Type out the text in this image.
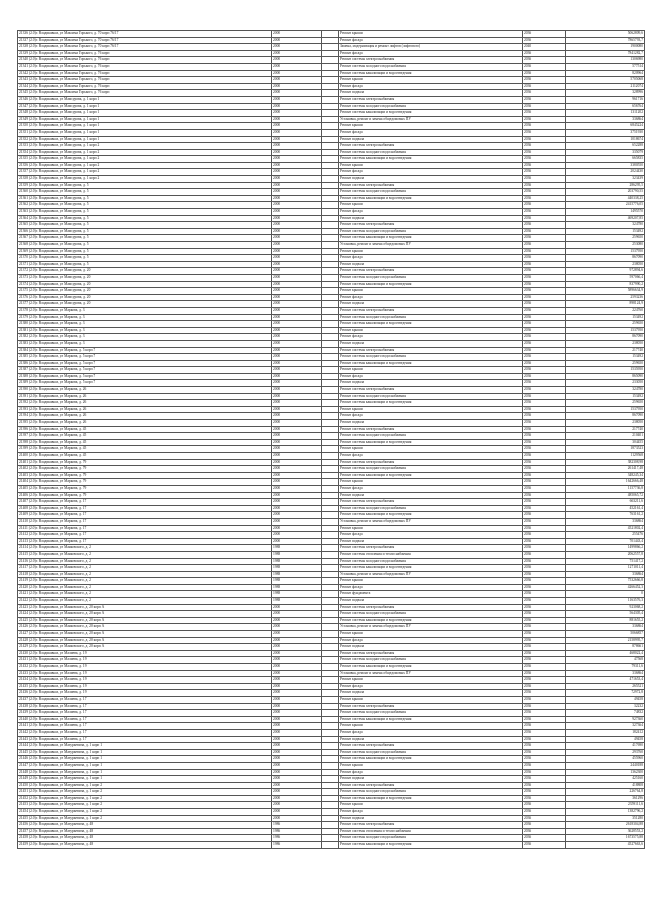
21336 (2.0) г. Владикавказ, ул Максима Горького, д. 70 корп 76/17	2000		Ремонт крыши	2036	5062809,6
21337 (2.0) г. Владикавказ, ул Максима Горького, д. 70 корп 76/17	2000		Ремонт фасада	2036	7865793,7
21338 (2.0) г. Владикавказ, ул Максима Горького, д. 70 корп 76/17	2000		Замена, модернизация и ремонт лифтов (лифтового)	2040	1900080
21339 (2.0) г. Владикавказ, ул Максима Горького, д. 76 корп	2000		Ремонт фасада	2036	7841282,7
21340 (2.0) г. Владикавказ, ул Максима Горького, д. 76 корп	2000		Ремонт системы электроснабжения	2036	1306980
21341 (2.0) г. Владикавказ, ул Максима Горького, д. 76 корп	2000		Ремонт системы холодного водоснабжения	2036	577514
21342 (2.0) г. Владикавказ, ул Максима Горького, д. 76 корп	2000		Ремонт системы канализации и водоотведения	2036	820964
21343 (2.0) г. Владикавказ, ул Максима Горького, д. 76 корп	2000		Ремонт крыши	2036	5705068
21344 (2.0) г. Владикавказ, ул Максима Горького, д. 76 корп	2000		Ремонт фасада	2036	2112074
21345 (2.0) г. Владикавказ, ул Максима Горького, д. 76 корп	2000		Ремонт подвала	2036	328996
21346 (2.0) г. Владикавказ, ул Мамсурова, д. 1 корп 1	2000		Ремонт системы электроснабжения	2036	961716
21347 (2.0) г. Владикавказ, ул Мамсурова, д. 1 корп 1	2000		Ремонт системы холодного водоснабжения	2036	656764
21348 (2.0) г. Владикавказ, ул Мамсурова, д. 1 корп 1	2000		Ремонт системы канализации и водоотведения	2036	1311202
21349 (2.0) г. Владикавказ, ул Мамсурова, д. 1 корп 1	2000		Установка, ремонт и замена общедомовых ПУ	2036	336864
21350 (2.0) г. Владикавказ, ул Мамсурова, д. 1 корп 1	2000		Ремонт крыши	2036	6845224
21351 (2.0) г. Владикавказ, ул Мамсурова, д. 1 корп 1	2000		Ремонт фасада	2036	3751930
21352 (2.0) г. Владикавказ, ул Мамсурова, д. 1 корп 1	2000		Ремонт подвала	2036	1018674
21353 (2.0) г. Владикавказ, ул Мамсурова, д. 1 корп 2	2000		Ремонт системы электроснабжения	2036	652288
21354 (2.0) г. Владикавказ, ул Мамсурова, д. 1 корп 2	2000		Ремонт системы холодного водоснабжения	2036	335079
21355 (2.0) г. Владикавказ, ул Мамсурова, д. 1 корп 2	2000		Ремонт системы канализации и водоотведения	2036	665835
21356 (2.0) г. Владикавказ, ул Мамсурова, д. 1 корп 2	2000		Ремонт крыши	2036	3380550
21357 (2.0) г. Владикавказ, ул Мамсурова, д. 1 корп 2	2000		Ремонт фасада	2036	2024430
21358 (2.0) г. Владикавказ, ул Мамсурова, д. 1 корп 2	2000		Ремонт подвала	2036	323439
21359 (2.0) г. Владикавказ, ул Мамсурова, д. 5	2000		Ремонт системы электроснабжения	2036	286295,5
21360 (2.0) г. Владикавказ, ул Мамсурова, д. 5	2000		Ремонт системы холодного водоснабжения	2036	203790,55
21361 (2.0) г. Владикавказ, ул Мамсурова, д. 5	2000		Ремонт системы канализации и водоотведения	2036	440338,25
21362 (2.0) г. Владикавказ, ул Мамсурова, д. 5	2000		Ремонт крыши	2036	2415776,05
21363 (2.0) г. Владикавказ, ул Мамсурова, д. 5	2000		Ремонт фасада	2036	1495570
21364 (2.0) г. Владикавказ, ул Мамсурова, д. 5	2000		Ремонт подвала	2036	469207,85
21365 (2.0) г. Владикавказ, ул Мамсурова, д. 5	2000		Ремонт системы электроснабжения	2036	324780
21366 (2.0) г. Владикавказ, ул Мамсурова, д. 5	2000		Ремонт системы холодного водоснабжения	2036	153492
21367 (2.0) г. Владикавказ, ул Мамсурова, д. 5	2000		Ремонт системы канализации и водоотведения	2036	259650
21368 (2.0) г. Владикавказ, ул Мамсурова, д. 5	2000		Установка, ремонт и замена общедомовых ПУ	2036	253080
21369 (2.0) г. Владикавказ, ул Мамсурова, д. 5	2000		Ремонт крыши	2036	1537950
21370 (2.0) г. Владикавказ, ул Мамсурова, д. 5	2000		Ремонт фасада	2036	867090
21371 (2.0) г. Владикавказ, ул Мамсурова, д. 5	2000		Ремонт подвала	2036	238050
21372 (2.0) г. Владикавказ, ул Мамсурова, д. 20	2000		Ремонт системы электроснабжения	2036	972894,6
21373 (2.0) г. Владикавказ, ул Мамсурова, д. 20	2000		Ремонт системы холодного водоснабжения	2036	597066,4
21374 (2.0) г. Владикавказ, ул Мамсурова, д. 20	2000		Ремонт системы канализации и водоотведения	2036	837990,2
21375 (2.0) г. Владикавказ, ул Мамсурова, д. 20	2000		Ремонт крыши	2036	5896634,9
21376 (2.0) г. Владикавказ, ул Мамсурова, д. 20	2000		Ремонт фасада	2036	2593236
21377 (2.0) г. Владикавказ, ул Мамсурова, д. 20	2000		Ремонт подвала	2036	898124,9
21378 (2.0) г. Владикавказ, ул Маркова, д. 3	2000		Ремонт системы электроснабжения	2036	224760
21379 (2.0) г. Владикавказ, ул Маркова, д. 3	2000		Ремонт системы холодного водоснабжения	2036	153492
21380 (2.0) г. Владикавказ, ул Маркова, д. 3	2000		Ремонт системы канализации и водоотведения	2036	259650
21381 (2.0) г. Владикавказ, ул Маркова, д. 3	2000		Ремонт крыши	2036	1537950
21382 (2.0) г. Владикавказ, ул Маркова, д. 3	2000		Ремонт фасада	2036	867090
21383 (2.0) г. Владикавказ, ул Маркова, д. 3	2000		Ремонт подвала	2036	238050
21384 (2.0) г. Владикавказ, ул Маркова, д. 5 корп 7	2000		Ремонт системы электроснабжения	2036	217740
21385 (2.0) г. Владикавказ, ул Маркова, д. 5 корп 7	2000		Ремонт системы холодного водоснабжения	2036	153492
21386 (2.0) г. Владикавказ, ул Маркова, д. 5 корп 7	2000		Ремонт системы канализации и водоотведения	2036	259650
21387 (2.0) г. Владикавказ, ул Маркова, д. 5 корп 7	2000		Ремонт крыши	2036	1535950
21388 (2.0) г. Владикавказ, ул Маркова, д. 5 корп 7	2000		Ремонт фасада	2036	865090
21389 (2.0) г. Владикавказ, ул Маркова, д. 5 корп 7	2000		Ремонт подвала	2036	233050
21390 (2.0) г. Владикавказ, ул Маркова, д. 26	2000		Ремонт системы электроснабжения	2036	324780
21391 (2.0) г. Владикавказ, ул Маркова, д. 26	2000		Ремонт системы холодного водоснабжения	2036	153492
21392 (2.0) г. Владикавказ, ул Маркова, д. 26	2000		Ремонт системы канализации и водоотведения	2036	259650
21393 (2.0) г. Владикавказ, ул Маркова, д. 26	2000		Ремонт крыши	2036	1537950
21394 (2.0) г. Владикавказ, ул Маркова, д. 26	2000		Ремонт фасада	2036	867090
21395 (2.0) г. Владикавказ, ул Маркова, д. 26	2000		Ремонт подвала	2036	238050
21396 (2.0) г. Владикавказ, ул Маркова, д. 45	2000		Ремонт системы электроснабжения	2036	217740
21397 (2.0) г. Владикавказ, ул Маркова, д. 45	2000		Ремонт системы холодного водоснабжения	2036	210401
21398 (2.0) г. Владикавказ, ул Маркова, д. 45	2000		Ремонт системы канализации и водоотведения	2036	304455
21399 (2.0) г. Владикавказ, ул Маркова, д. 45	2000		Ремонт крыши	2036	1873523
21400 (2.0) г. Владикавказ, ул Маркова, д. 45	2000		Ремонт фасада	2036	1129568
21401 (2.0) г. Владикавказ, ул Маркова, д. 79	2000		Ремонт системы электроснабжения	2036	382308,98
21402 (2.0) г. Владикавказ, ул Маркова, д. 79	2000		Ремонт системы холодного водоснабжения	2036	261417,48
21403 (2.0) г. Владикавказ, ул Маркова, д. 79	2000		Ремонт системы канализации и водоотведения	2036	348245,34
21404 (2.0) г. Владикавказ, ул Маркова, д. 79	2000		Ремонт крыши	2036	1642666,48
21405 (2.0) г. Владикавказ, ул Маркова, д. 79	2000		Ремонт фасада	2036	1157736,8
21406 (2.0) г. Владикавказ, ул Маркова, д. 79	2000		Ремонт подвала	2036	485065,72
21407 (2.0) г. Владикавказ, ул Маркова, д. 17	2000		Ремонт системы электроснабжения	2036	663211,6
21408 (2.0) г. Владикавказ, ул Маркова, д. 17	2000		Ремонт системы холодного водоснабжения	2036	452161,4
21409 (2.0) г. Владикавказ, ул Маркова, д. 17	2000		Ремонт системы канализации и водоотведения	2036	763161,2
21410 (2.0) г. Владикавказ, ул Маркова, д. 17	2000		Установка, ремонт и замена общедомовых ПУ	2036	336864
21411 (2.0) г. Владикавказ, ул Маркова, д. 17	2000		Ремонт крыши	2036	4521802,4
21412 (2.0) г. Владикавказ, ул Маркова, д. 17	2000		Ремонт фасада	2036	255476
21413 (2.0) г. Владикавказ, ул Маркова, д. 17	2000		Ремонт подвала	2036	701443,4
21414 (2.0) г. Владикавказ, ул Маяковского, д. 2	1988		Ремонт системы электроснабжения	2036	1499866,2
21415 (2.0) г. Владикавказ, ул Маяковского, д. 2	1988		Ремонт системы отопления и теплоснабжения	2036	2062557,8
21416 (2.0) г. Владикавказ, ул Маяковского, д. 2	1988		Ремонт системы холодного водоснабжения	2036	751417,2
21417 (2.0) г. Владикавказ, ул Маяковского, д. 2	1988		Ремонт системы канализации и водоотведения	2036	1271011,4
21418 (2.0) г. Владикавказ, ул Маяковского, д. 2	1988		Установка, ремонт и замена общедомовых ПУ	2036	336864
21419 (2.0) г. Владикавказ, ул Маяковского, д. 2	1988		Ремонт крыши	2036	7532666,8
21420 (2.0) г. Владикавказ, ул Маяковского, д. 2	1988		Ремонт фасада	2036	4266452,3
21421 (2.0) г. Владикавказ, ул Маяковского, д. 2	1988		Ремонт фундамента	2036	0
21422 (2.0) г. Владикавказ, ул Маяковского, д. 2	1988		Ремонт подвала	2036	1163576,3
21423 (2.0) г. Владикавказ, ул Маяковского, д. 20 корп А	2000		Ремонт системы электроснабжения	2036	923068,2
21424 (2.0) г. Владикавказ, ул Маяковского, д. 20 корп А	2000		Ремонт системы холодного водоснабжения	2036	564305,4
21425 (2.0) г. Владикавказ, ул Маяковского, д. 20 корп А	2000		Ремонт системы канализации и водоотведения	2036	881655,2
21426 (2.0) г. Владикавказ, ул Маяковского, д. 20 корп А	2000		Установка, ремонт и замена общедомовых ПУ	2036	336864
21427 (2.0) г. Владикавказ, ул Маяковского, д. 20 корп А	2000		Ремонт крыши	2036	5066857
21428 (2.0) г. Владикавказ, ул Маяковского, д. 20 корп А	2000		Ремонт фасада	2036	2158995,7
21429 (2.0) г. Владикавказ, ул Маяковского, д. 20 корп А	2000		Ремонт подвала	2036	878661
21430 (2.0) г. Владикавказ, ул Малиева, д. 19	2000		Ремонт системы электроснабжения	2036	468022,4
21431 (2.0) г. Владикавказ, ул Малиева, д. 19	2000		Ремонт системы холодного водоснабжения	2036	47568
21432 (2.0) г. Владикавказ, ул Малиева, д. 19	2000		Ремонт системы канализации и водоотведения	2036	79311,6
21433 (2.0) г. Владикавказ, ул Малиева, д. 19	2000		Установка, ремонт и замена общедомовых ПУ	2036	336864
21434 (2.0) г. Владикавказ, ул Малиева, д. 19	2000		Ремонт крыши	2036	471653,4
21435 (2.0) г. Владикавказ, ул Малиева, д. 19	2000		Ремонт фасада	2036	265521
21436 (2.0) г. Владикавказ, ул Малиева, д. 19	2000		Ремонт подвала	2036	72972,8
21437 (2.0) г. Владикавказ, ул Малиева, д. 17	2000		Ремонт крыши	2036	49458
21438 (2.0) г. Владикавказ, ул Малиева, д. 17	2000		Ремонт системы электроснабжения	2036	32232
21439 (2.0) г. Владикавказ, ул Малиева, д. 17	2000		Ремонт системы холодного водоснабжения	2036	74832
21440 (2.0) г. Владикавказ, ул Малиева, д. 17	2000		Ремонт системы канализации и водоотведения	2036	927360
21441 (2.0) г. Владикавказ, ул Малиева, д. 17	2000		Ремонт крыши	2036	327364
21442 (2.0) г. Владикавказ, ул Малиева, д. 17	2000		Ремонт фасада	2036	182412
21443 (2.0) г. Владикавказ, ул Малиева, д. 17	2000		Ремонт подвала	2036	49458
21444 (2.0) г. Владикавказ, ул Мазуркевича, д. 1 корп 1	2000		Ремонт системы электроснабжения	2036	417690
21445 (2.0) г. Владикавказ, ул Мазуркевича, д. 1 корп 1	2000		Ремонт системы холодного водоснабжения	2036	293760
21446 (2.0) г. Владикавказ, ул Мазуркевича, д. 1 корп 1	2000		Ремонт системы канализации и водоотведения	2036	455960
21447 (2.0) г. Владикавказ, ул Мазуркевича, д. 1 корп 1	2000		Ремонт крыши	2036	2440188
21448 (2.0) г. Владикавказ, ул Мазуркевича, д. 1 корп 1	2000		Ремонт фасада	2036	1362300
21449 (2.0) г. Владикавказ, ул Мазуркевича, д. 1 корп 1	2000		Ремонт подвала	2036	425160
21450 (2.0) г. Владикавказ, ул Мазуркевича, д. 1 корп 2	2000		Ремонт системы электроснабжения	2036	418808
21451 (2.0) г. Владикавказ, ул Мазуркевича, д. 1 корп 2	2000		Ремонт системы холодного водоснабжения	2036	226764,8
21452 (2.0) г. Владикавказ, ул Мазуркевича, д. 1 корп 2	2000		Ремонт системы канализации и водоотведения	2036	361296
21453 (2.0) г. Владикавказ, ул Мазуркевича, д. 1 корп 2	2000		Ремонт крыши	2036	2359111,6
21454 (2.0) г. Владикавказ, ул Мазуркевича, д. 1 корп 2	2000		Ремонт фасада	2036	1382796,2
21455 (2.0) г. Владикавказ, ул Мазуркевича, д. 1 корп 2	2000		Ремонт подвала	2036	351280
21456 (2.0) г. Владикавказ, ул Мазуркевича, д. 48	1986		Ремонт системы электроснабжения	2036	2618304,88
21457 (2.0) г. Владикавказ, ул Мазуркевича, д. 48	1986		Ремонт системы отопления и теплоснабжения	2036	3628553,2
21458 (2.0) г. Владикавказ, ул Мазуркевича, д. 48	1986		Ремонт системы холодного водоснабжения	2036	1673575,88
21459 (2.0) г. Владикавказ, ул Мазуркевича, д. 48	1986		Ремонт системы канализации и водоотведения	2036	4527663,6
